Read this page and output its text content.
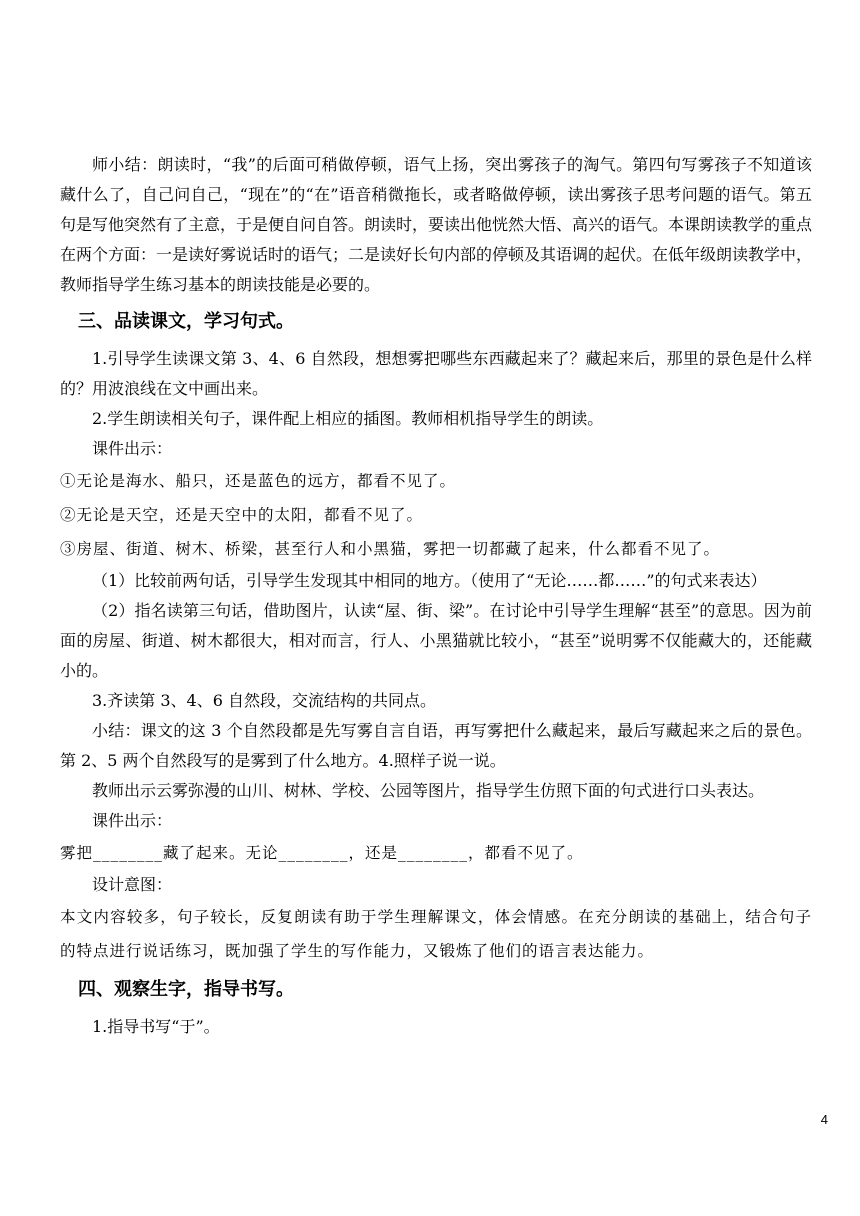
师小结：朗读时，“我”的后面可稍做停顿，语气上扬，突出雾孩子的淘气。第四句写雾孩子不知道该藏什么了，自己问自己，“现在”的“在”语音稍微拖长，或者略做停顿，读出雾孩子思考问题的语气。第五句是写他突然有了主意，于是便自问自答。朗读时，要读出他恍然大悟、高兴的语气。本课朗读教学的重点在两个方面：一是读好雾说话时的语气；二是读好长句内部的停顿及其语调的起伏。在低年级朗读教学中，教师指导学生练习基本的朗读技能是必要的。

三、品读课文，学习句式。

1.引导学生读课文第 3、4、6 自然段，想想雾把哪些东西藏起来了？藏起来后，那里的景色是什么样的？用波浪线在文中画出来。

2.学生朗读相关句子，课件配上相应的插图。教师相机指导学生的朗读。

课件出示：

①无论是海水、船只，还是蓝色的远方，都看不见了。

②无论是天空，还是天空中的太阳，都看不见了。

③房屋、街道、树木、桥梁，甚至行人和小黑猫，雾把一切都藏了起来，什么都看不见了。

（1）比较前两句话，引导学生发现其中相同的地方。（使用了“无论……都……”的句式来表达）

（2）指名读第三句话，借助图片，认读“屋、街、梁”。在讨论中引导学生理解“甚至”的意思。因为前面的房屋、街道、树木都很大，相对而言，行人、小黑猫就比较小，“甚至”说明雾不仅能藏大的，还能藏小的。

3.齐读第 3、4、6 自然段，交流结构的共同点。

小结：课文的这 3 个自然段都是先写雾自言自语，再写雾把什么藏起来，最后写藏起来之后的景色。第 2、5 两个自然段写的是雾到了什么地方。4.照样子说一说。

教师出示云雾弥漫的山川、树林、学校、公园等图片，指导学生仿照下面的句式进行口头表达。

课件出示：

雾把________藏了起来。无论________，还是________，都看不见了。

设计意图：

本文内容较多，句子较长，反复朗读有助于学生理解课文，体会情感。在充分朗读的基础上，结合句子的特点进行说话练习，既加强了学生的写作能力，又锻炼了他们的语言表达能力。

四、观察生字，指导书写。

1.指导书写“于”。

4
